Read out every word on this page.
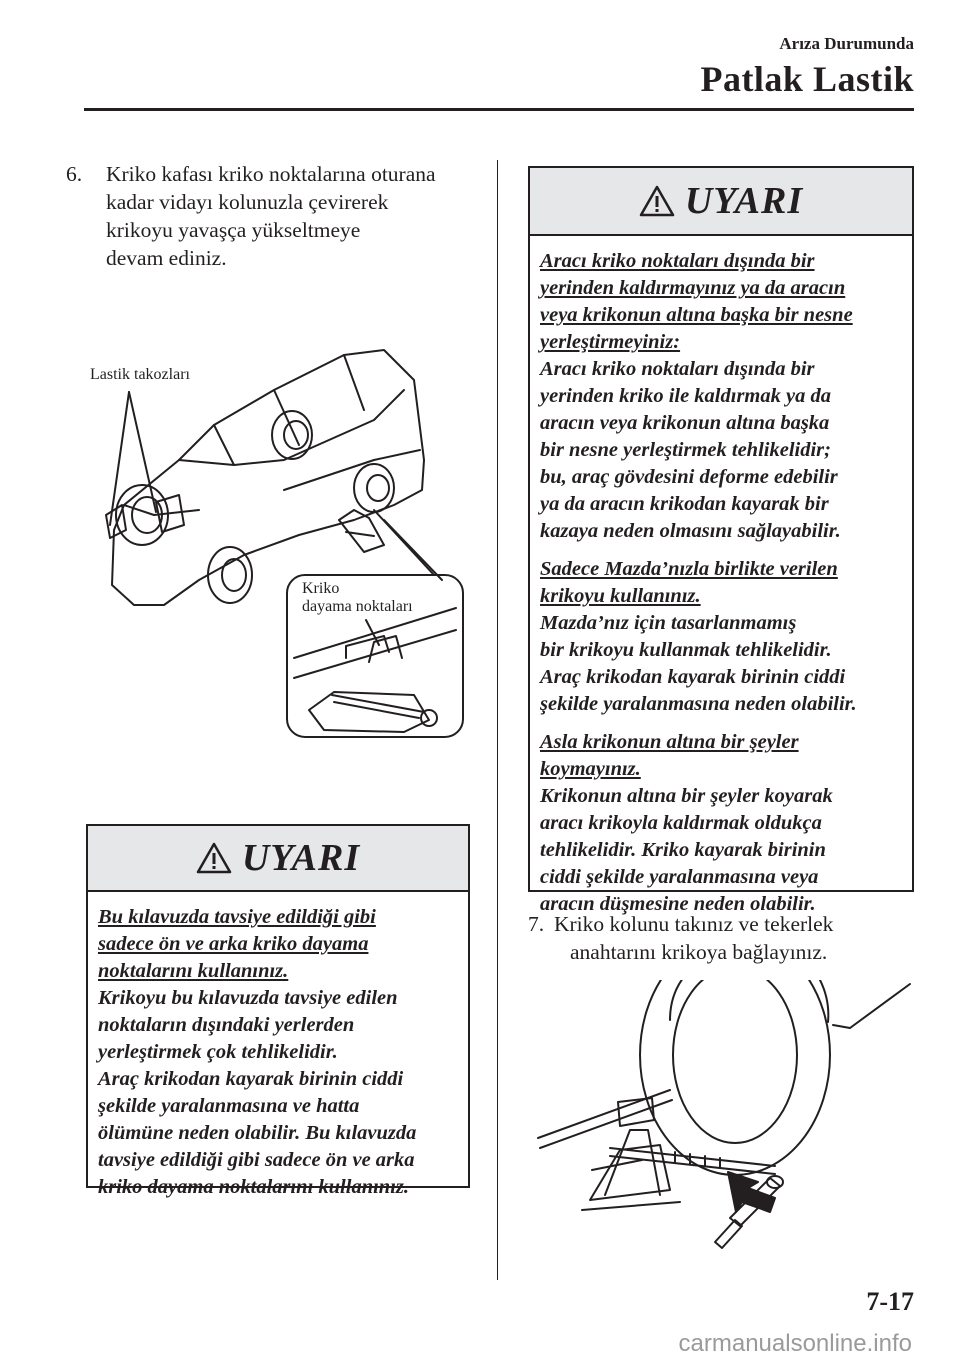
Arıza Durumunda
Patlak Lastik
6. Kriko kafası kriko noktalarına oturana
kadar vidayı kolunuzla çevirerek
krikoyu yavaşça yükseltmeye
devam ediniz.
Lastik takozları
Kriko
dayama noktaları
UYARI
Bu kılavuzda tavsiye edildiği gibi
sadece ön ve arka kriko dayama
noktalarını kullanınız.
Krikoyu bu kılavuzda tavsiye edilen
noktaların dışındaki yerlerden
yerleştirmek çok tehlikelidir.
Araç krikodan kayarak birinin ciddi
şekilde yaralanmasına ve hatta
ölümüne neden olabilir. Bu kılavuzda
tavsiye edildiği gibi sadece ön ve arka
kriko dayama noktalarını kullanınız.
UYARI
Aracı kriko noktaları dışında bir
yerinden kaldırmayınız ya da aracın
veya krikonun altına başka bir nesne
yerleştirmeyiniz:
Aracı kriko noktaları dışında bir
yerinden kriko ile kaldırmak ya da
aracın veya krikonun altına başka
bir nesne yerleştirmek tehlikelidir;
bu, araç gövdesini deforme edebilir
ya da aracın krikodan kayarak bir
kazaya neden olmasını sağlayabilir.
Sadece Mazda’nızla birlikte verilen
krikoyu kullanınız.
Mazda’nız için tasarlanmamış
bir krikoyu kullanmak tehlikelidir.
Araç krikodan kayarak birinin ciddi
şekilde yaralanmasına neden olabilir.
Asla krikonun altına bir şeyler
koymayınız.
Krikonun altına bir şeyler koyarak
aracı krikoyla kaldırmak oldukça
tehlikelidir. Kriko kayarak birinin
ciddi şekilde yaralanmasına veya
aracın düşmesine neden olabilir.
7. Kriko kolunu takınız ve tekerlek
anahtarını krikoya bağlayınız.
7-17
carmanualsonline.info
